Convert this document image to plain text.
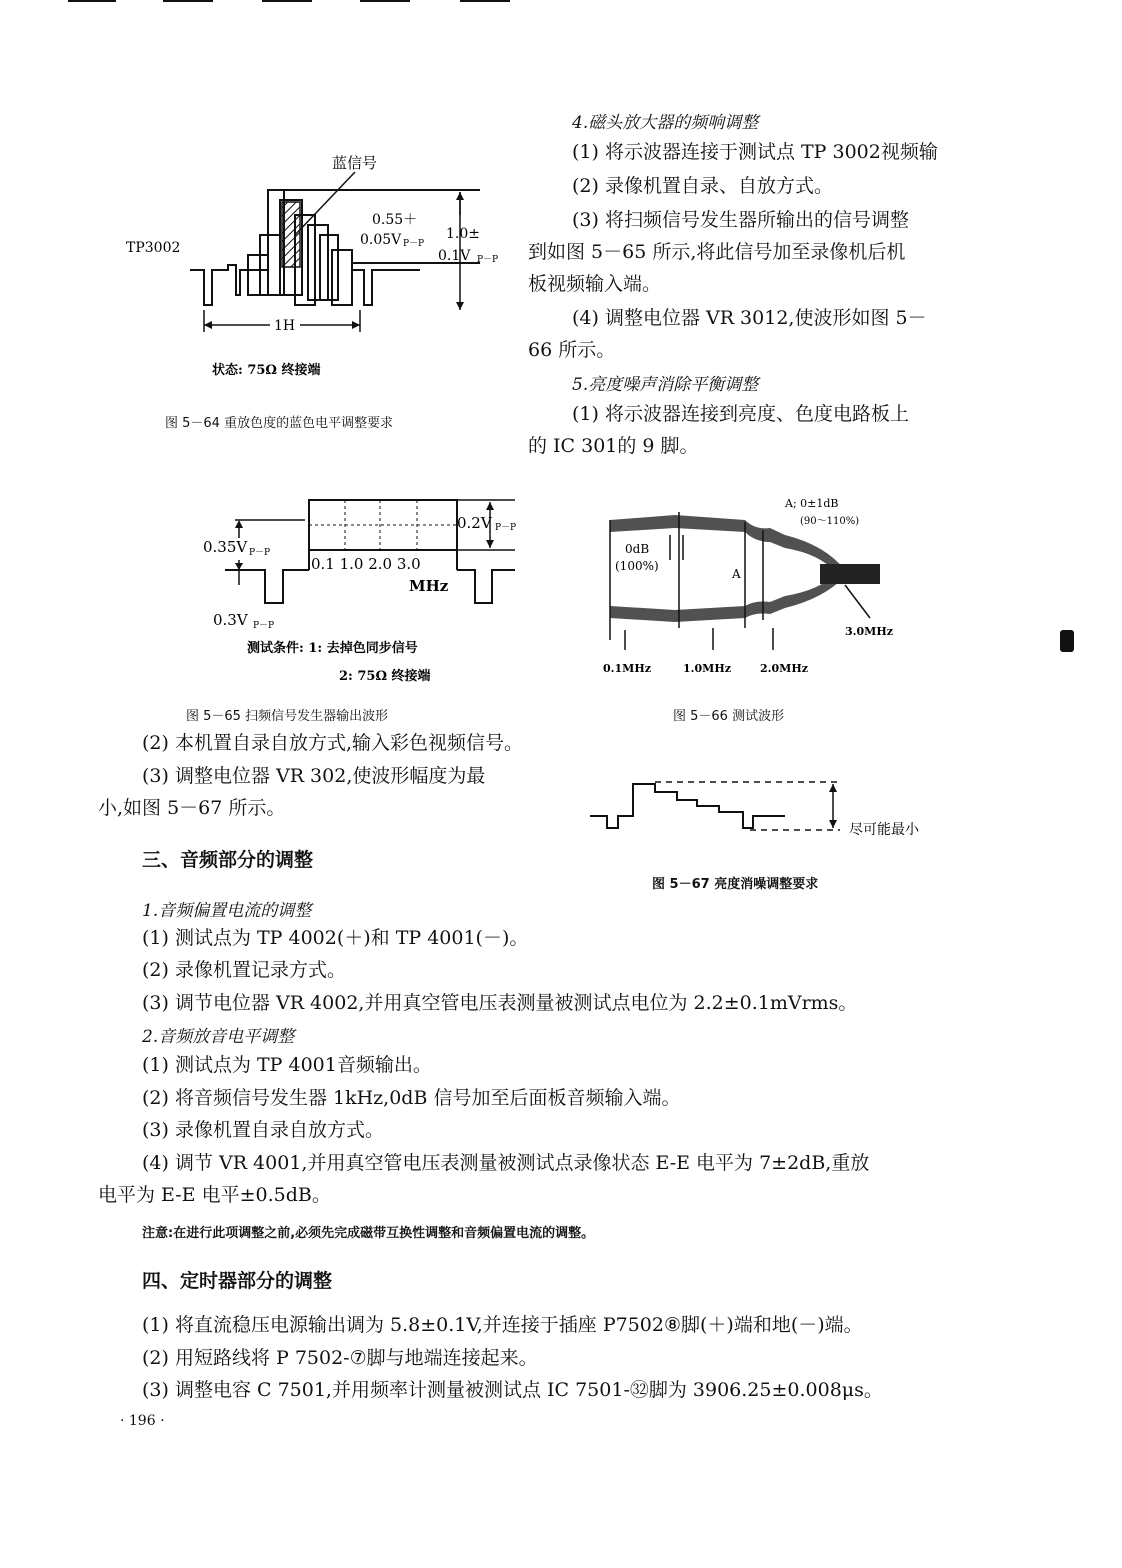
4.磁头放大器的频响调整
(1) 将示波器连接于测试点 TP 3002视频输
(2) 录像机置自录、自放方式。
(3) 将扫频信号发生器所输出的信号调整
到如图 5－65 所示,将此信号加至录像机后机
板视频输入端。
(4) 调整电位器 VR 3012,使波形如图 5－
66 所示。
5.亮度噪声消除平衡调整
(1) 将示波器连接到亮度、色度电路板上
的 IC 301的 9 脚。
蓝信号
TP3002
0.55＋
0.05V P－P
1.0±
0.1V P－P
1H
状态: 75Ω 终接端
图 5－64 重放色度的蓝色电平调整要求
0.35V P－P
0.2V P－P
0.3V P－P
0.1 1.0 2.0 3.0
MHz
测试条件: 1: 去掉色同步信号
2: 75Ω 终接端
图 5－65 扫频信号发生器输出波形
A; 0±1dB
(90～110%)
0dB
(100%)
A
0.1MHz	1.0MHz	2.0MHz
3.0MHz
图 5－66 测试波形
(2) 本机置自录自放方式,输入彩色视频信号。
(3) 调整电位器 VR 302,使波形幅度为最
小,如图 5－67 所示。
尽可能最小
图 5－67 亮度消噪调整要求
三、音频部分的调整
1.音频偏置电流的调整
(1) 测试点为 TP 4002(＋)和 TP 4001(－)。
(2) 录像机置记录方式。
(3) 调节电位器 VR 4002,并用真空管电压表测量被测试点电位为 2.2±0.1mVrms。
2.音频放音电平调整
(1) 测试点为 TP 4001音频输出。
(2) 将音频信号发生器 1kHz,0dB 信号加至后面板音频输入端。
(3) 录像机置自录自放方式。
(4) 调节 VR 4001,并用真空管电压表测量被测试点录像状态 E-E 电平为 7±2dB,重放
电平为 E-E 电平±0.5dB。
注意:在进行此项调整之前,必须先完成磁带互换性调整和音频偏置电流的调整。
四、定时器部分的调整
(1) 将直流稳压电源输出调为 5.8±0.1V,并连接于插座 P7502⑧脚(＋)端和地(－)端。
(2) 用短路线将 P 7502-⑦脚与地端连接起来。
(3) 调整电容 C 7501,并用频率计测量被测试点 IC 7501-㉜脚为 3906.25±0.008μs。
· 196 ·
